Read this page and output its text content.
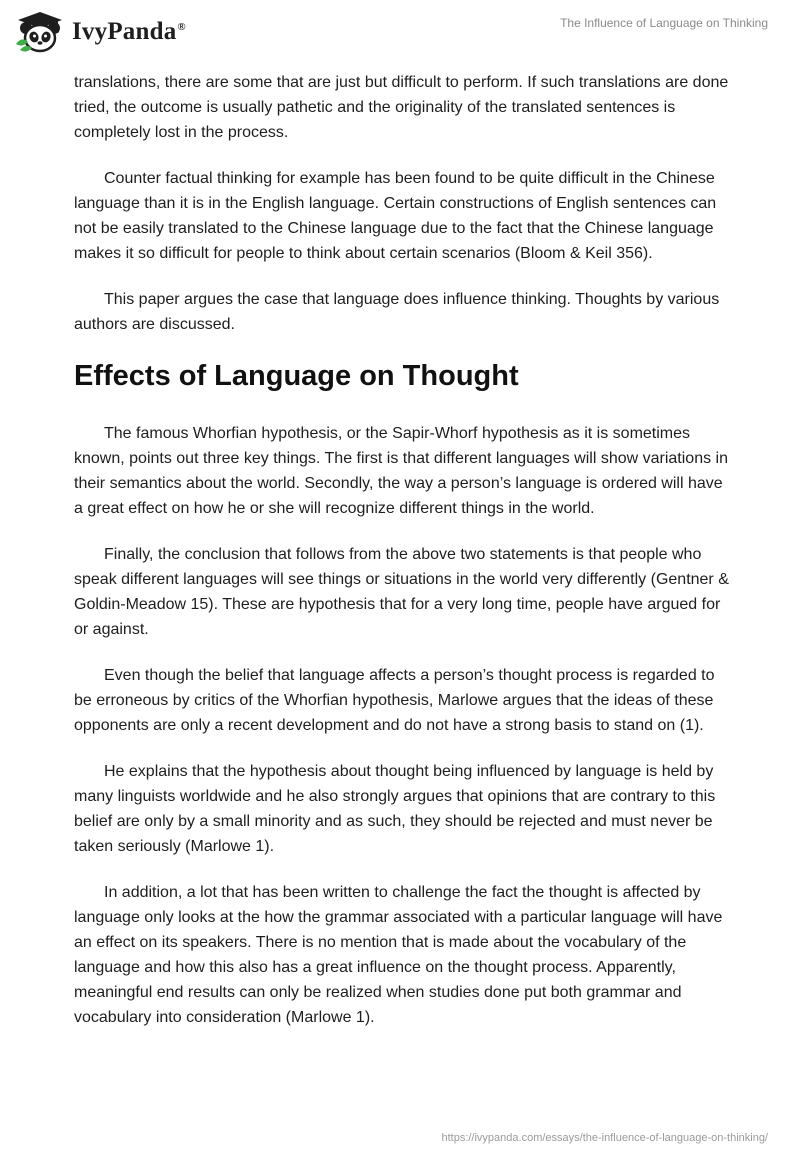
IvyPanda®	The Influence of Language on Thinking

translations, there are some that are just but difficult to perform. If such translations are done tried, the outcome is usually pathetic and the originality of the translated sentences is completely lost in the process.

Counter factual thinking for example has been found to be quite difficult in the Chinese language than it is in the English language. Certain constructions of English sentences can not be easily translated to the Chinese language due to the fact that the Chinese language makes it so difficult for people to think about certain scenarios (Bloom & Keil 356).

This paper argues the case that language does influence thinking. Thoughts by various authors are discussed.

Effects of Language on Thought

The famous Whorfian hypothesis, or the Sapir-Whorf hypothesis as it is sometimes known, points out three key things. The first is that different languages will show variations in their semantics about the world. Secondly, the way a person’s language is ordered will have a great effect on how he or she will recognize different things in the world.

Finally, the conclusion that follows from the above two statements is that people who speak different languages will see things or situations in the world very differently (Gentner & Goldin-Meadow 15). These are hypothesis that for a very long time, people have argued for or against.

Even though the belief that language affects a person’s thought process is regarded to be erroneous by critics of the Whorfian hypothesis, Marlowe argues that the ideas of these opponents are only a recent development and do not have a strong basis to stand on (1).

He explains that the hypothesis about thought being influenced by language is held by many linguists worldwide and he also strongly argues that opinions that are contrary to this belief are only by a small minority and as such, they should be rejected and must never be taken seriously (Marlowe 1).

In addition, a lot that has been written to challenge the fact the thought is affected by language only looks at the how the grammar associated with a particular language will have an effect on its speakers. There is no mention that is made about the vocabulary of the language and how this also has a great influence on the thought process. Apparently, meaningful end results can only be realized when studies done put both grammar and vocabulary into consideration (Marlowe 1).

https://ivypanda.com/essays/the-influence-of-language-on-thinking/
